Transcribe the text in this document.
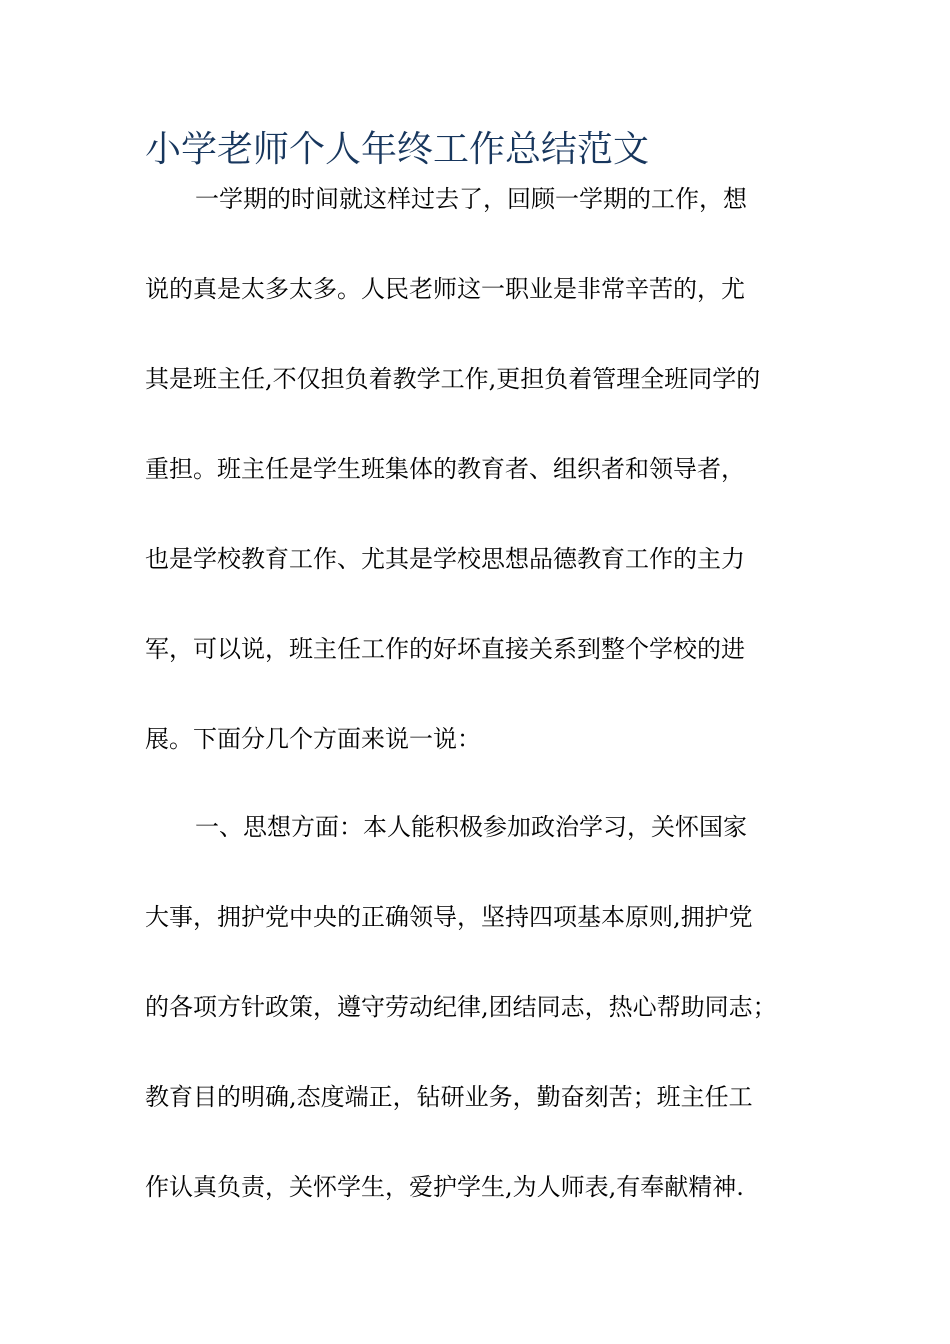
小学老师个人年终工作总结范文

一学期的时间就这样过去了，回顾一学期的工作，想

说的真是太多太多。人民老师这一职业是非常辛苦的，尤

其是班主任,不仅担负着教学工作,更担负着管理全班同学的

重担。班主任是学生班集体的教育者、组织者和领导者，

也是学校教育工作、尤其是学校思想品德教育工作的主力

军，可以说，班主任工作的好坏直接关系到整个学校的进

展。下面分几个方面来说一说：

一、思想方面：本人能积极参加政治学习，关怀国家

大事，拥护党中央的正确领导，坚持四项基本原则,拥护党

的各项方针政策，遵守劳动纪律,团结同志，热心帮助同志；

教育目的明确,态度端正，钻研业务，勤奋刻苦；班主任工

作认真负责，关怀学生，爱护学生,为人师表,有奉献精神.
